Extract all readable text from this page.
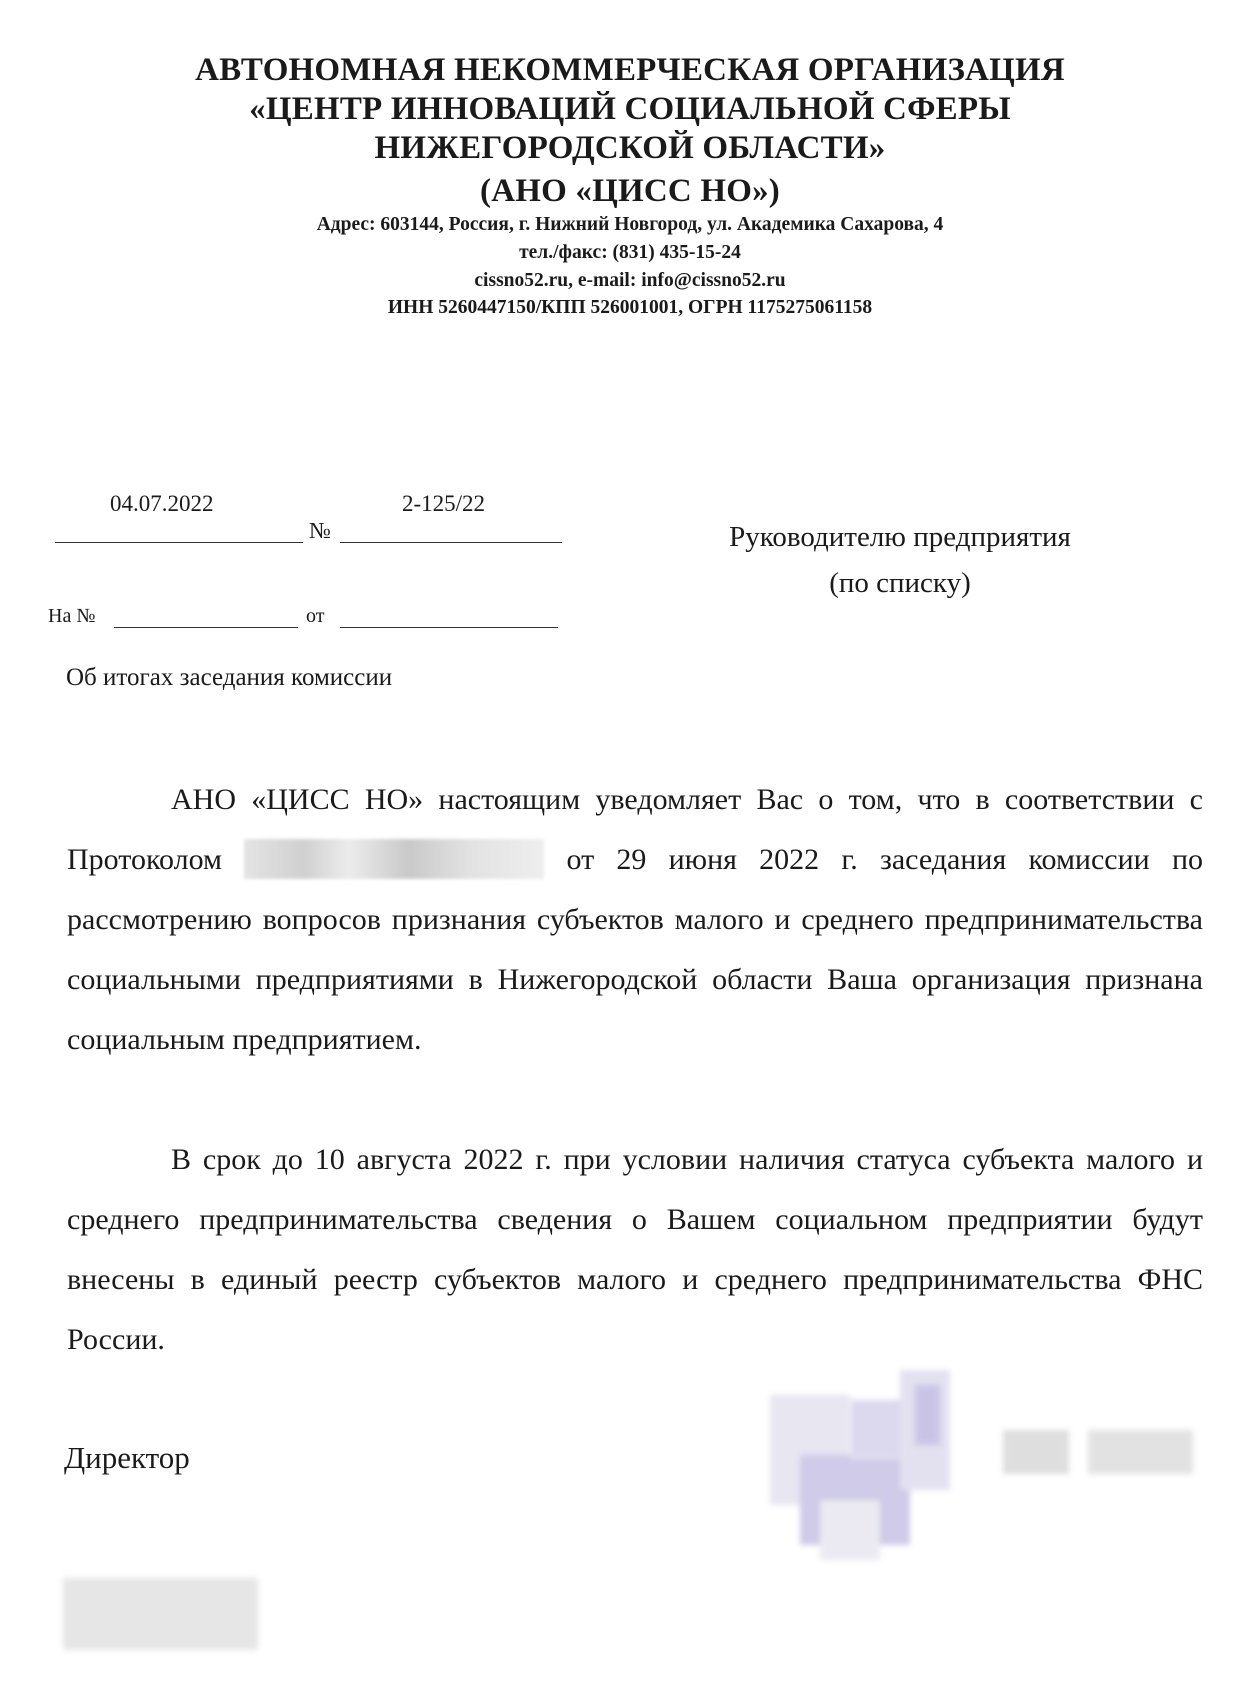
АВТОНОМНАЯ НЕКОММЕРЧЕСКАЯ ОРГАНИЗАЦИЯ
«ЦЕНТР ИННОВАЦИЙ СОЦИАЛЬНОЙ СФЕРЫ
НИЖЕГОРОДСКОЙ ОБЛАСТИ»
(АНО «ЦИСС НО»)
Адрес: 603144, Россия, г. Нижний Новгород, ул. Академика Сахарова, 4
тел./факс: (831) 435-15-24
cissno52.ru, e-mail: info@cissno52.ru
ИНН 5260447150/КПП 526001001, ОГРН 1175275061158
04.07.2022
№
2-125/22
На №	от
Руководителю предприятия
(по списку)
Об итогах заседания комиссии

АНО «ЦИСС НО» настоящим уведомляет Вас о том, что в соответствии с Протоколом	от 29 июня 2022 г. заседания комиссии по рассмотрению вопросов признания субъектов малого и среднего предпринимательства социальными предприятиями в Нижегородской области Ваша организация признана социальным предприятием.

В срок до 10 августа 2022 г. при условии наличия статуса субъекта малого и среднего предпринимательства сведения о Вашем социальном предприятии будут внесены в единый реестр субъектов малого и среднего предпринимательства ФНС России.

Директор
